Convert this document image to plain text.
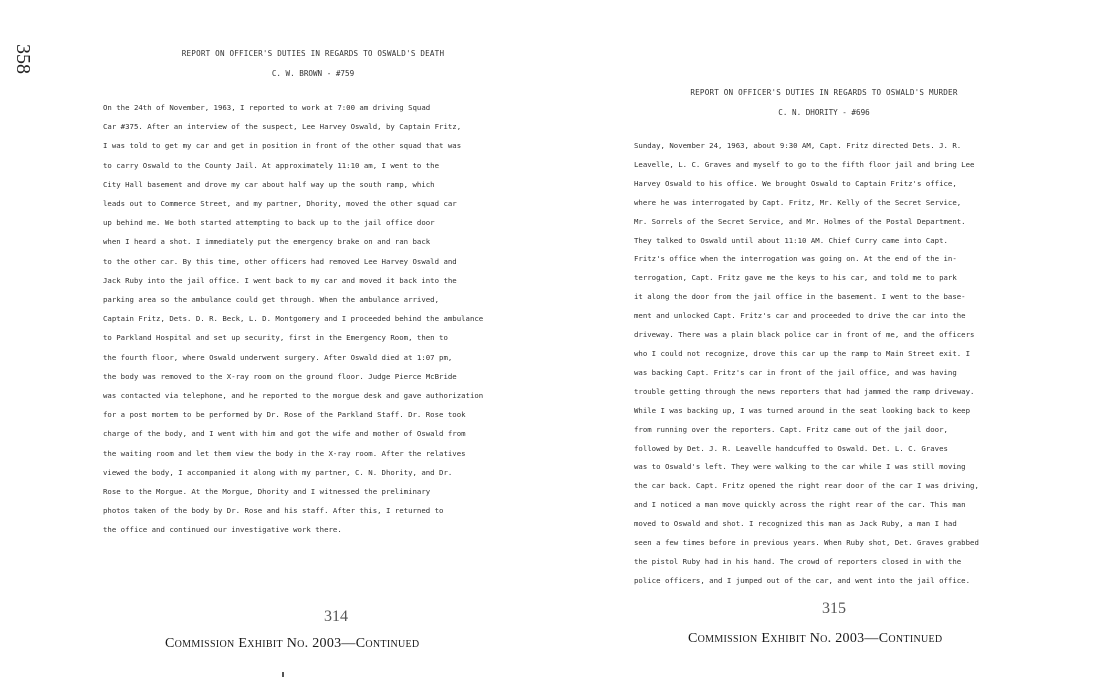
358	REPORT ON OFFICER'S DUTIES IN REGARDS TO OSWALD'S DEATH
C. W. BROWN - #759
On the 24th of November, 1963, I reported to work at 7:00 am driving Squad
Car #375. After an interview of the suspect, Lee Harvey Oswald, by Captain Fritz,
I was told to get my car and get in position in front of the other squad that was
to carry Oswald to the County Jail. At approximately 11:10 am, I went to the
City Hall basement and drove my car about half way up the south ramp, which
leads out to Commerce Street, and my partner, Dhority, moved the other squad car
up behind me. We both started attempting to back up to the jail office door
when I heard a shot. I immediately put the emergency brake on and ran back
to the other car. By this time, other officers had removed Lee Harvey Oswald and
Jack Ruby into the jail office. I went back to my car and moved it back into the
parking area so the ambulance could get through. When the ambulance arrived,
Captain Fritz, Dets. D. R. Beck, L. D. Montgomery and I proceeded behind the ambulance
to Parkland Hospital and set up security, first in the Emergency Room, then to
the fourth floor, where Oswald underwent surgery. After Oswald died at 1:07 pm,
the body was removed to the X-ray room on the ground floor. Judge Pierce McBride
was contacted via telephone, and he reported to the morgue desk and gave authorization
for a post mortem to be performed by Dr. Rose of the Parkland Staff. Dr. Rose took
charge of the body, and I went with him and got the wife and mother of Oswald from
the waiting room and let them view the body in the X-ray room. After the relatives
viewed the body, I accompanied it along with my partner, C. N. Dhority, and Dr.
Rose to the Morgue. At the Morgue, Dhority and I witnessed the preliminary
photos taken of the body by Dr. Rose and his staff. After this, I returned to
the office and continued our investigative work there.
REPORT ON OFFICER'S DUTIES IN REGARDS TO OSWALD'S MURDER
C. N. DHORITY - #696
Sunday, November 24, 1963, about 9:30 AM, Capt. Fritz directed Dets. J. R.
Leavelle, L. C. Graves and myself to go to the fifth floor jail and bring Lee
Harvey Oswald to his office. We brought Oswald to Captain Fritz's office,
where he was interrogated by Capt. Fritz, Mr. Kelly of the Secret Service,
Mr. Sorrels of the Secret Service, and Mr. Holmes of the Postal Department.
They talked to Oswald until about 11:10 AM. Chief Curry came into Capt.
Fritz's office when the interrogation was going on. At the end of the in-
terrogation, Capt. Fritz gave me the keys to his car, and told me to park
it along the door from the jail office in the basement. I went to the base-
ment and unlocked Capt. Fritz's car and proceeded to drive the car into the
driveway. There was a plain black police car in front of me, and the officers
who I could not recognize, drove this car up the ramp to Main Street exit. I
was backing Capt. Fritz's car in front of the jail office, and was having
trouble getting through the news reporters that had jammed the ramp driveway.
While I was backing up, I was turned around in the seat looking back to keep
from running over the reporters. Capt. Fritz came out of the jail door,
followed by Det. J. R. Leavelle handcuffed to Oswald. Det. L. C. Graves
was to Oswald's left. They were walking to the car while I was still moving
the car back. Capt. Fritz opened the right rear door of the car I was driving,
and I noticed a man move quickly across the right rear of the car. This man
moved to Oswald and shot. I recognized this man as Jack Ruby, a man I had
seen a few times before in previous years. When Ruby shot, Det. Graves grabbed
the pistol Ruby had in his hand. The crowd of reporters closed in with the
police officers, and I jumped out of the car, and went into the jail office.
314	315
Commission Exhibit No. 2003—Continued	Commission Exhibit No. 2003—Continued
